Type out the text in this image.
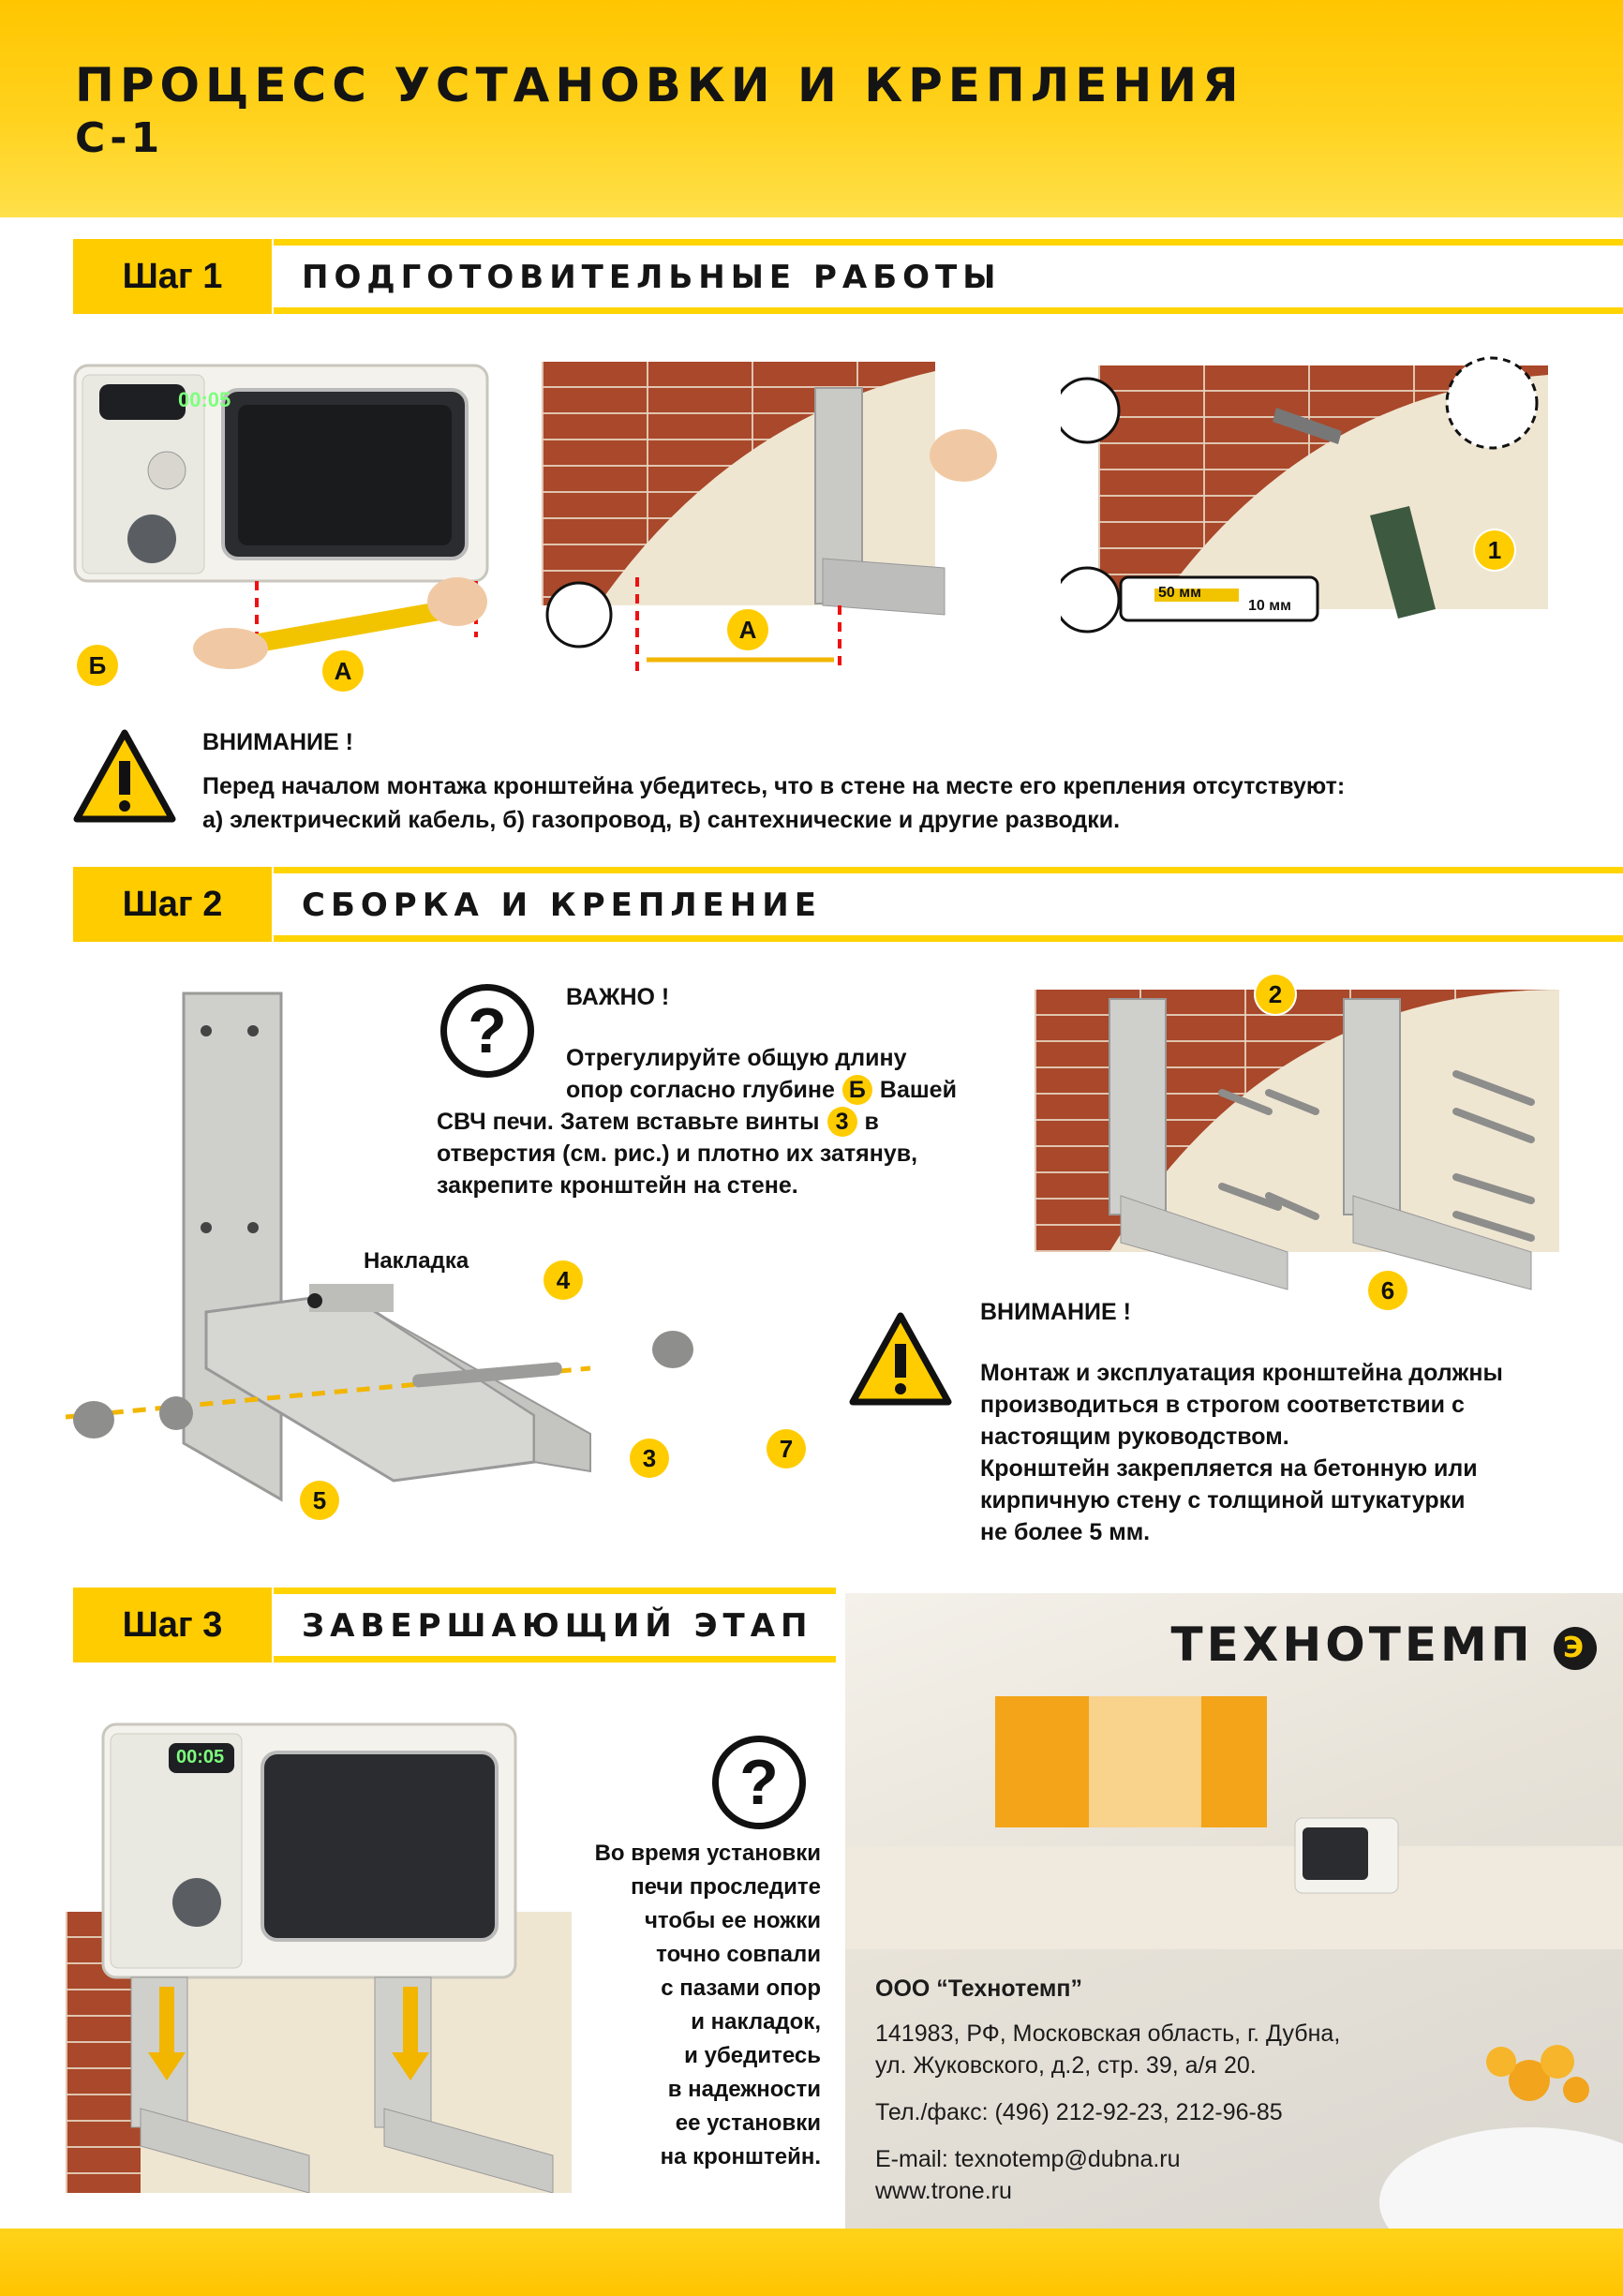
ПРОЦЕСС УСТАНОВКИ И КРЕПЛЕНИЯ
C-1
Шаг 1	ПОДГОТОВИТЕЛЬНЫЕ РАБОТЫ
Б	А
00:05
А
1
50 мм
10 мм
ВНИМАНИЕ !
Перед началом монтажа кронштейна убедитесь, что в стене на месте его крепления отсутствуют:
а) электрический кабель, б) газопровод, в) сантехнические и другие разводки.
Шаг 2	СБОРКА И КРЕПЛЕНИЕ
Накладка
4
3	7
5
?	ВАЖНО !
Отрегулируйте общую длину
опор согласно глубине Б Вашей
СВЧ печи. Затем вставьте винты 3 в
отверстия (см. рис.) и плотно их затянув,
закрепите кронштейн на стене.
2
6
ВНИМАНИЕ !
Монтаж и эксплуатация кронштейна должны
производиться в строгом соответствии с
настоящим руководством.
Кронштейн закрепляется на бетонную или
кирпичную стену с толщиной штукатурки
не более 5 мм.
Шаг 3	ЗАВЕРШАЮЩИЙ ЭТАП
00:05	?
Во время установки
печи проследите
чтобы ее ножки
точно совпали
с пазами опор
и накладок,
и убедитесь
в надежности
ее установки
на кронштейн.
ТЕХНОТЕМП Э
ООО “Технотемп”
141983, РФ, Московская область, г. Дубна,
ул. Жуковского, д.2, стр. 39, а/я 20.
Тел./факс: (496) 212-92-23, 212-96-85
E-mail: texnotemp@dubna.ru
www.trone.ru
